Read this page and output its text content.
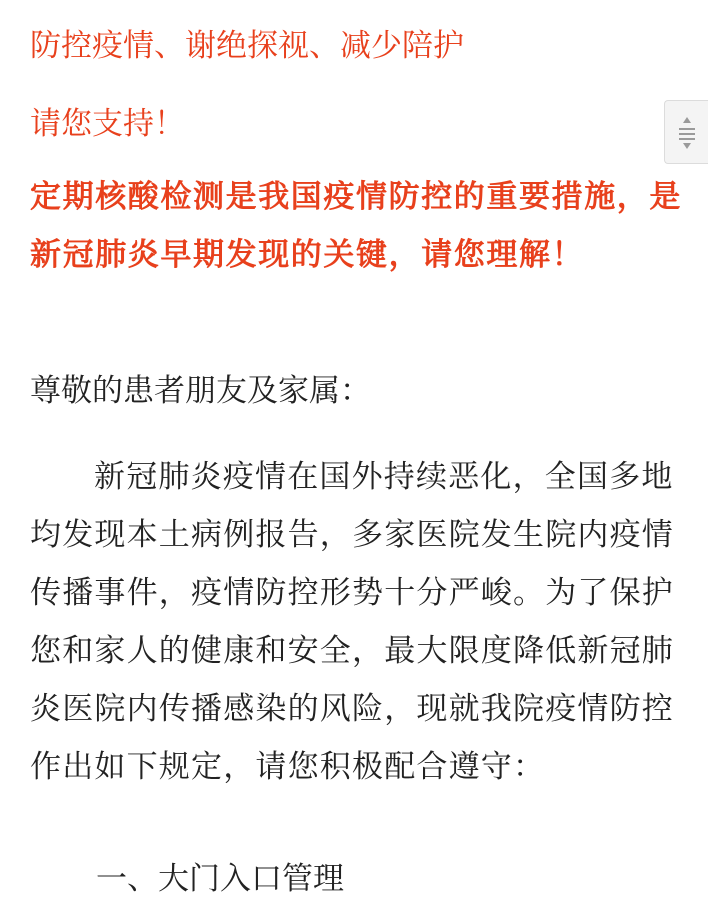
防控疫情、谢绝探视、减少陪护
请您支持！

定期核酸检测是我国疫情防控的重要措施，是新冠肺炎早期发现的关键，请您理解！

尊敬的患者朋友及家属：

新冠肺炎疫情在国外持续恶化，全国多地均发现本土病例报告，多家医院发生院内疫情传播事件，疫情防控形势十分严峻。为了保护您和家人的健康和安全，最大限度降低新冠肺炎医院内传播感染的风险，现就我院疫情防控作出如下规定，请您积极配合遵守：

一、大门入口管理
